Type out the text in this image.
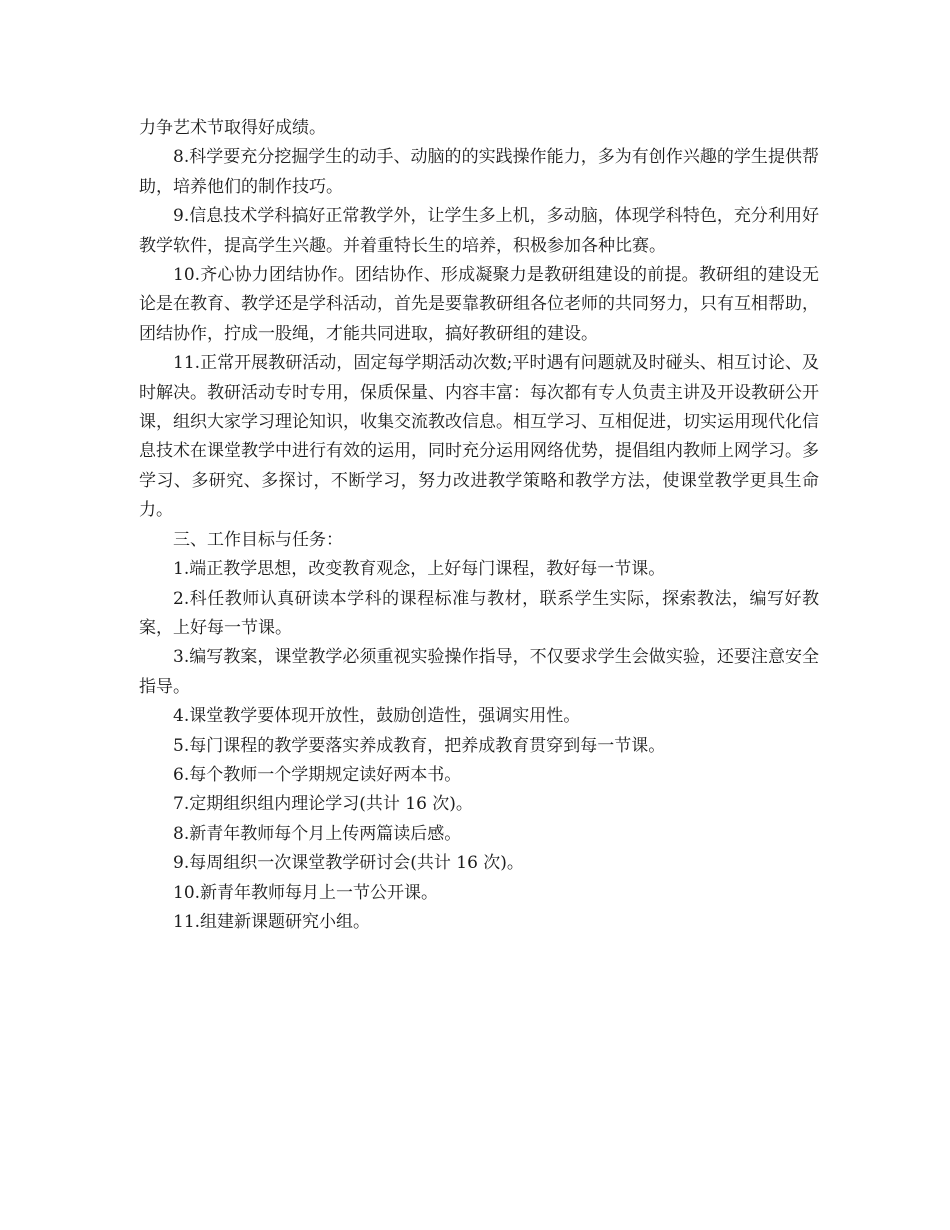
力争艺术节取得好成绩。

8.科学要充分挖掘学生的动手、动脑的的实践操作能力，多为有创作兴趣的学生提供帮助，培养他们的制作技巧。

9.信息技术学科搞好正常教学外，让学生多上机，多动脑，体现学科特色，充分利用好教学软件，提高学生兴趣。并着重特长生的培养，积极参加各种比赛。

10.齐心协力团结协作。团结协作、形成凝聚力是教研组建设的前提。教研组的建设无论是在教育、教学还是学科活动，首先是要靠教研组各位老师的共同努力，只有互相帮助，团结协作，拧成一股绳，才能共同进取，搞好教研组的建设。

11.正常开展教研活动，固定每学期活动次数;平时遇有问题就及时碰头、相互讨论、及时解决。教研活动专时专用，保质保量、内容丰富：每次都有专人负责主讲及开设教研公开课，组织大家学习理论知识，收集交流教改信息。相互学习、互相促进，切实运用现代化信息技术在课堂教学中进行有效的运用，同时充分运用网络优势，提倡组内教师上网学习。多学习、多研究、多探讨，不断学习，努力改进教学策略和教学方法，使课堂教学更具生命力。

三、工作目标与任务：

1.端正教学思想，改变教育观念，上好每门课程，教好每一节课。

2.科任教师认真研读本学科的课程标准与教材，联系学生实际，探索教法，编写好教案，上好每一节课。

3.编写教案，课堂教学必须重视实验操作指导，不仅要求学生会做实验，还要注意安全指导。

4.课堂教学要体现开放性，鼓励创造性，强调实用性。

5.每门课程的教学要落实养成教育，把养成教育贯穿到每一节课。

6.每个教师一个学期规定读好两本书。

7.定期组织组内理论学习(共计 16 次)。

8.新青年教师每个月上传两篇读后感。

9.每周组织一次课堂教学研讨会(共计 16 次)。

10.新青年教师每月上一节公开课。

11.组建新课题研究小组。
